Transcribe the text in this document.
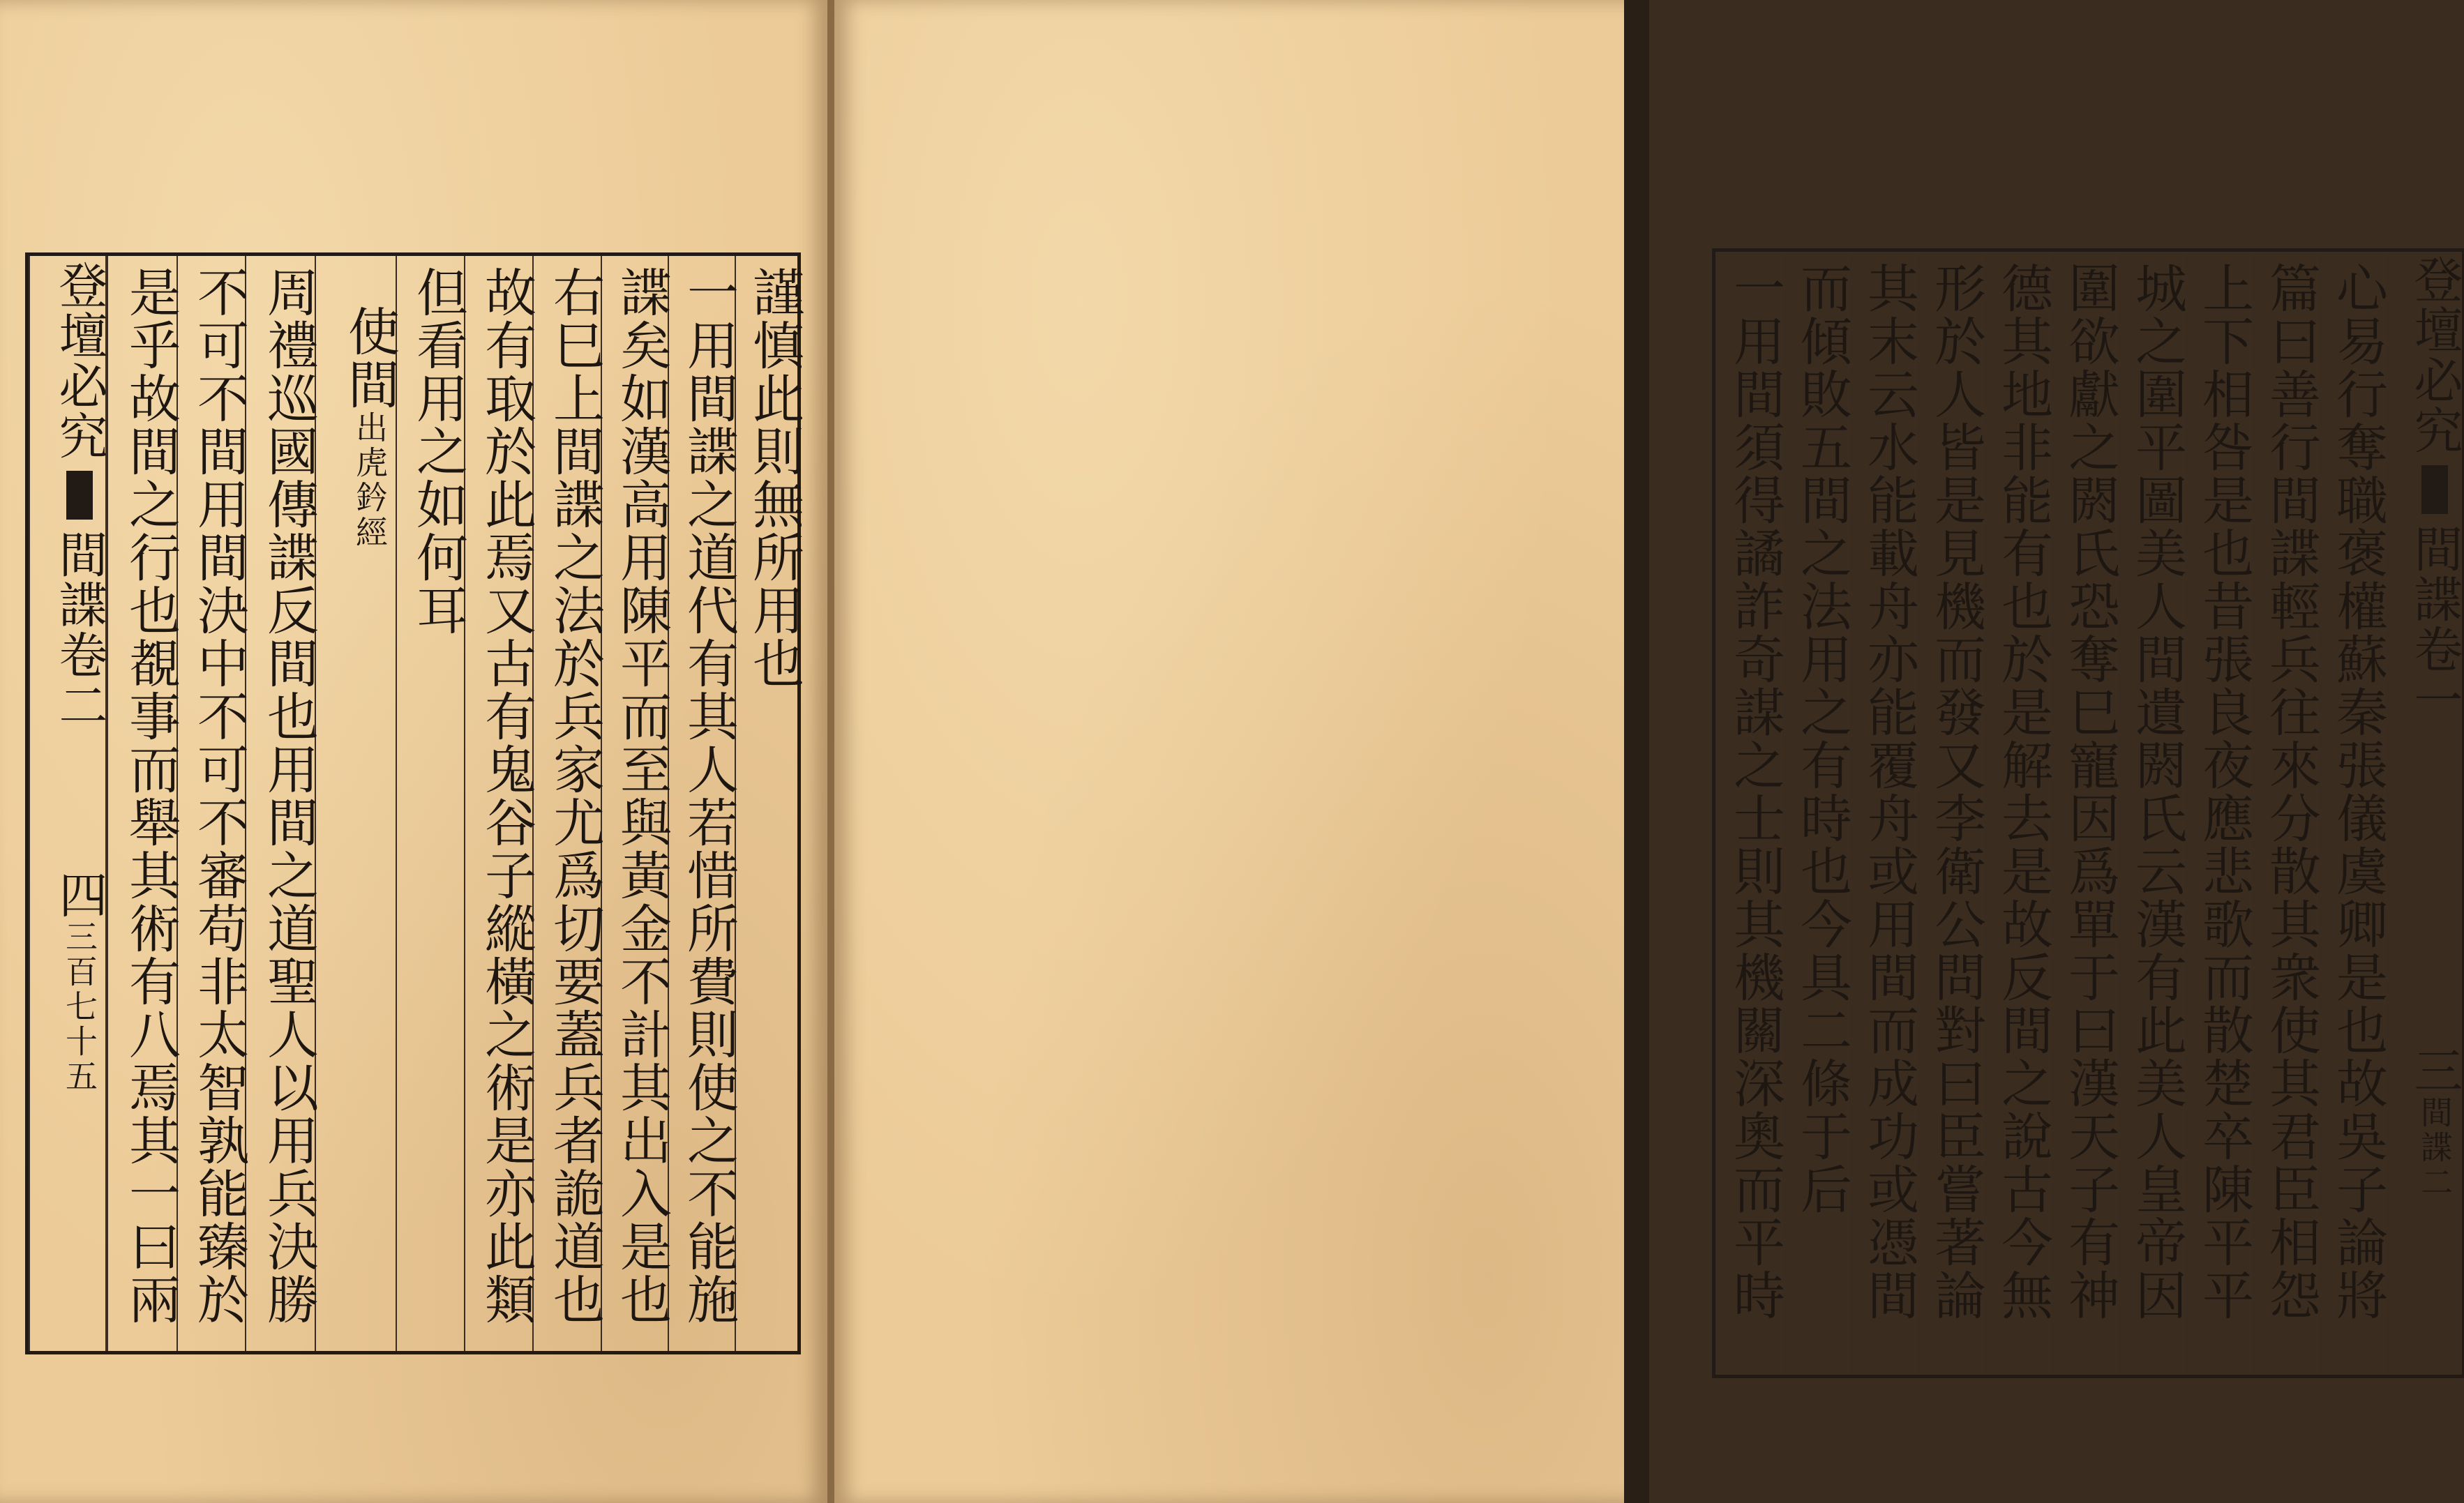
謹慎此則無所用也
一用間諜之道代有其人若惜所費則使之不能施
諜矣如漢高用陳平而至與黃金不計其出入是也
右巳上間諜之法於兵家尤爲切要蓋兵者詭道也
故有取於此焉又古有鬼谷子縱橫之術是亦此類
但看用之如何耳
使間出虎鈐經
周禮巡國傳諜反間也用間之道聖人以用兵決勝
不可不間用間決中不可不審苟非太智孰能臻於
是乎故間之行也覩事而舉其術有八焉其一曰兩
登壇必究間諜卷二四三百七十五
登壇必究間諜卷一三間諜二
心易行奪職褒權蘇秦張儀虞卿是也故吳子論將
篇曰善行間諜輕兵往來分散其衆使其君臣相怨
上下相咎是也昔張良夜應悲歌而散楚卒陳平平
城之圍平圖美人間遺閼氏云漢有此美人皇帝因
圍欲獻之閼氏恐奪巳寵因爲單于曰漢天子有神
德其地非能有也於是解去是故反間之說古今無
形於人皆是見機而發又李衛公問對曰臣嘗著論
其末云水能載舟亦能覆舟或用間而成功或憑間
而傾敗五間之法用之有時也今具二條于后
一用間須得譎詐奇謀之士則其機關深奧而平時
